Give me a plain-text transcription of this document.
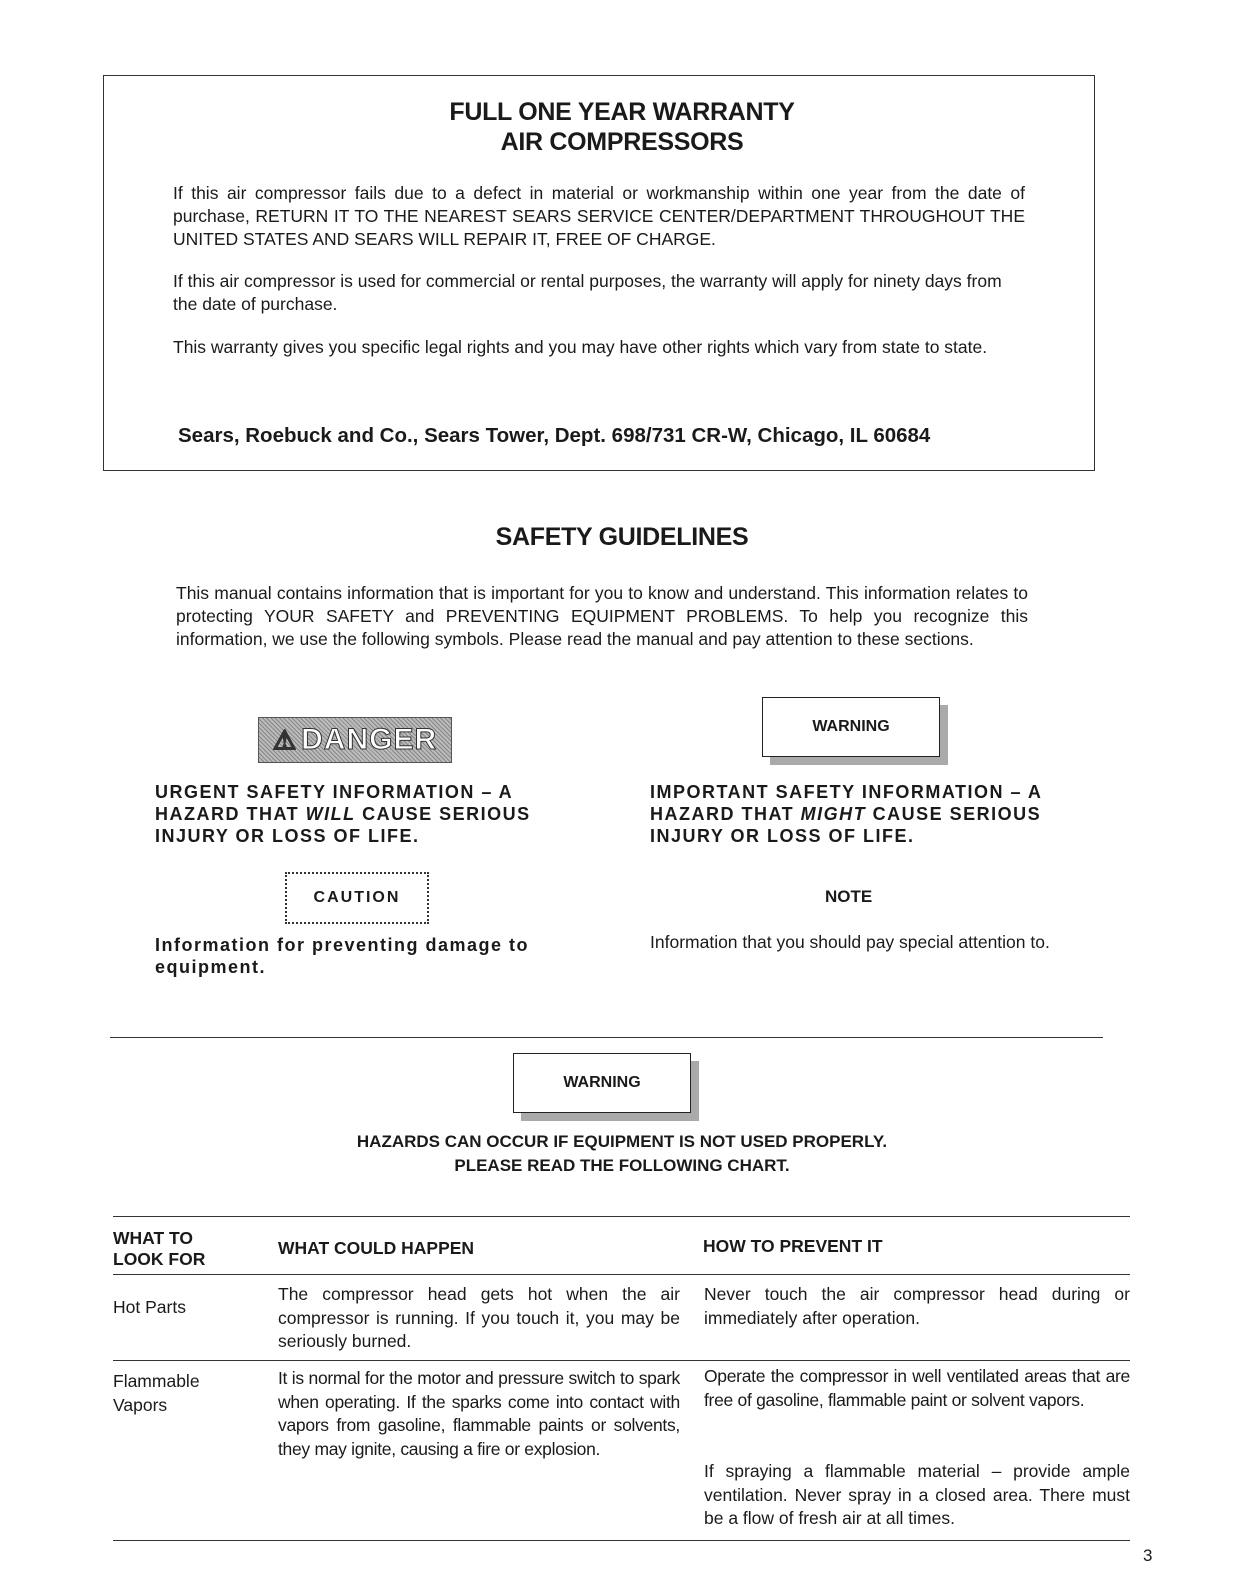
FULL ONE YEAR WARRANTY
AIR COMPRESSORS
If this air compressor fails due to a defect in material or workmanship within one year from the date of purchase, RETURN IT TO THE NEAREST SEARS SERVICE CENTER/DEPARTMENT THROUGHOUT THE UNITED STATES AND SEARS WILL REPAIR IT, FREE OF CHARGE.
If this air compressor is used for commercial or rental purposes, the warranty will apply for ninety days from the date of purchase.
This warranty gives you specific legal rights and you may have other rights which vary from state to state.
Sears, Roebuck and Co., Sears Tower, Dept. 698/731 CR-W, Chicago, IL 60684
SAFETY GUIDELINES
This manual contains information that is important for you to know and understand. This information relates to protecting YOUR SAFETY and PREVENTING EQUIPMENT PROBLEMS. To help you recognize this information, we use the following symbols. Please read the manual and pay attention to these sections.
⚠ DANGER
URGENT SAFETY INFORMATION – A HAZARD THAT WILL CAUSE SERIOUS INJURY OR LOSS OF LIFE.
WARNING
IMPORTANT SAFETY INFORMATION – A HAZARD THAT MIGHT CAUSE SERIOUS INJURY OR LOSS OF LIFE.
CAUTION
Information for preventing damage to equipment.
NOTE
Information that you should pay special attention to.
WARNING
HAZARDS CAN OCCUR IF EQUIPMENT IS NOT USED PROPERLY.
PLEASE READ THE FOLLOWING CHART.
WHAT TO LOOK FOR
WHAT COULD HAPPEN	HOW TO PREVENT IT
Hot Parts
The compressor head gets hot when the air compressor is running. If you touch it, you may be seriously burned.
Never touch the air compressor head during or immediately after operation.
Flammable Vapors
It is normal for the motor and pressure switch to spark when operating. If the sparks come into contact with vapors from gasoline, flammable paints or solvents, they may ignite, causing a fire or explosion.
Operate the compressor in well ventilated areas that are free of gasoline, flammable paint or solvent vapors.
If spraying a flammable material – provide ample ventilation. Never spray in a closed area. There must be a flow of fresh air at all times.
3
